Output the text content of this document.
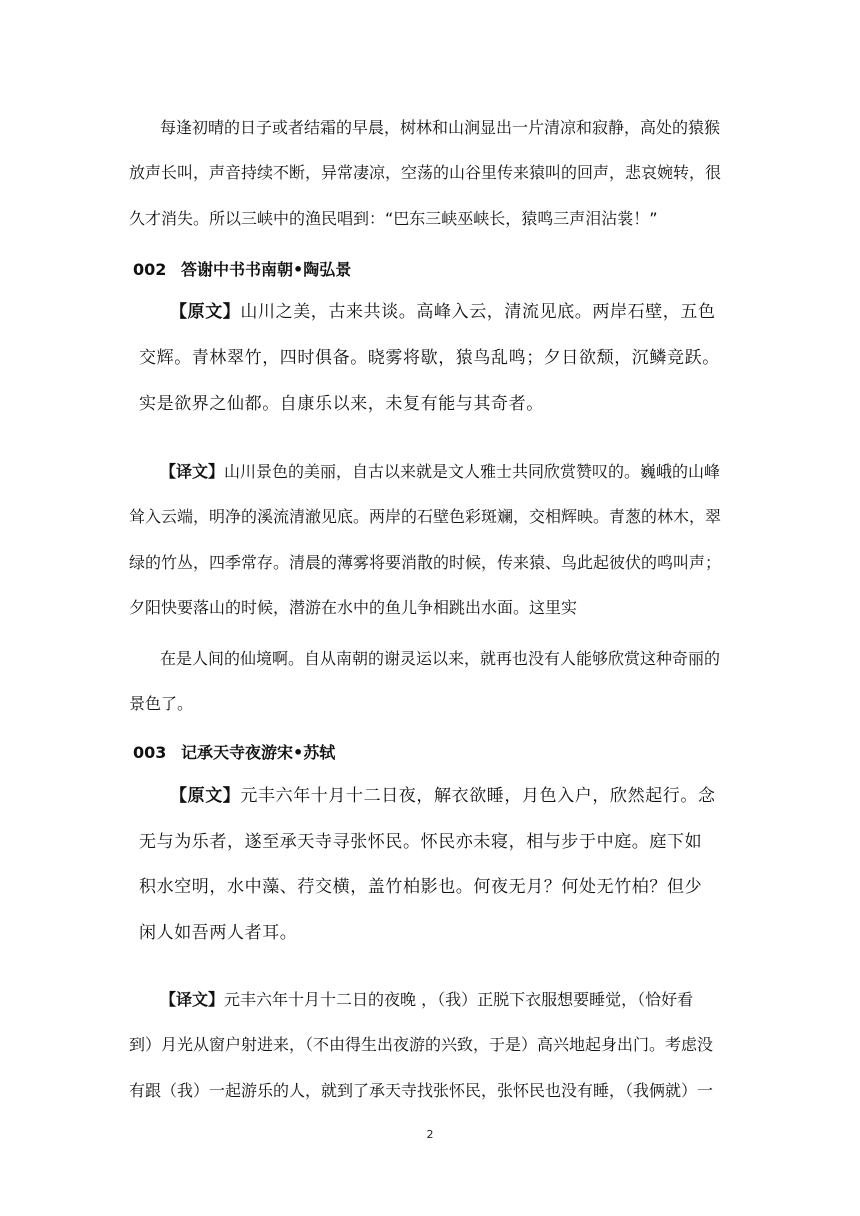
每逢初晴的日子或者结霜的早晨，树林和山涧显出一片清凉和寂静，高处的猿猴
放声长叫，声音持续不断，异常凄凉，空荡的山谷里传来猿叫的回声，悲哀婉转，很
久才消失。所以三峡中的渔民唱到：“巴东三峡巫峡长，猿鸣三声泪沾裳！”
002 答谢中书书南朝•陶弘景
【原文】山川之美，古来共谈。高峰入云，清流见底。两岸石壁，五色
交辉。青林翠竹，四时俱备。晓雾将歇，猿鸟乱鸣；夕日欲颓，沉鳞竞跃。
实是欲界之仙都。自康乐以来，未复有能与其奇者。
【译文】山川景色的美丽，自古以来就是文人雅士共同欣赏赞叹的。巍峨的山峰
耸入云端，明净的溪流清澈见底。两岸的石壁色彩斑斓，交相辉映。青葱的林木，翠
绿的竹丛，四季常存。清晨的薄雾将要消散的时候，传来猿、鸟此起彼伏的鸣叫声；
夕阳快要落山的时候，潜游在水中的鱼儿争相跳出水面。这里实
在是人间的仙境啊。自从南朝的谢灵运以来，就再也没有人能够欣赏这种奇丽的
景色了。
003 记承天寺夜游宋•苏轼
【原文】元丰六年十月十二日夜，解衣欲睡，月色入户，欣然起行。念
无与为乐者，遂至承天寺寻张怀民。怀民亦未寝，相与步于中庭。庭下如
积水空明，水中藻、荇交横，盖竹柏影也。何夜无月？何处无竹柏？但少
闲人如吾两人者耳。
【译文】元丰六年十月十二日的夜晚 ，（我）正脱下衣服想要睡觉，（恰好看
到）月光从窗户射进来，（不由得生出夜游的兴致，于是）高兴地起身出门。考虑没
有跟（我）一起游乐的人，就到了承天寺找张怀民，张怀民也没有睡，（我俩就）一
2
